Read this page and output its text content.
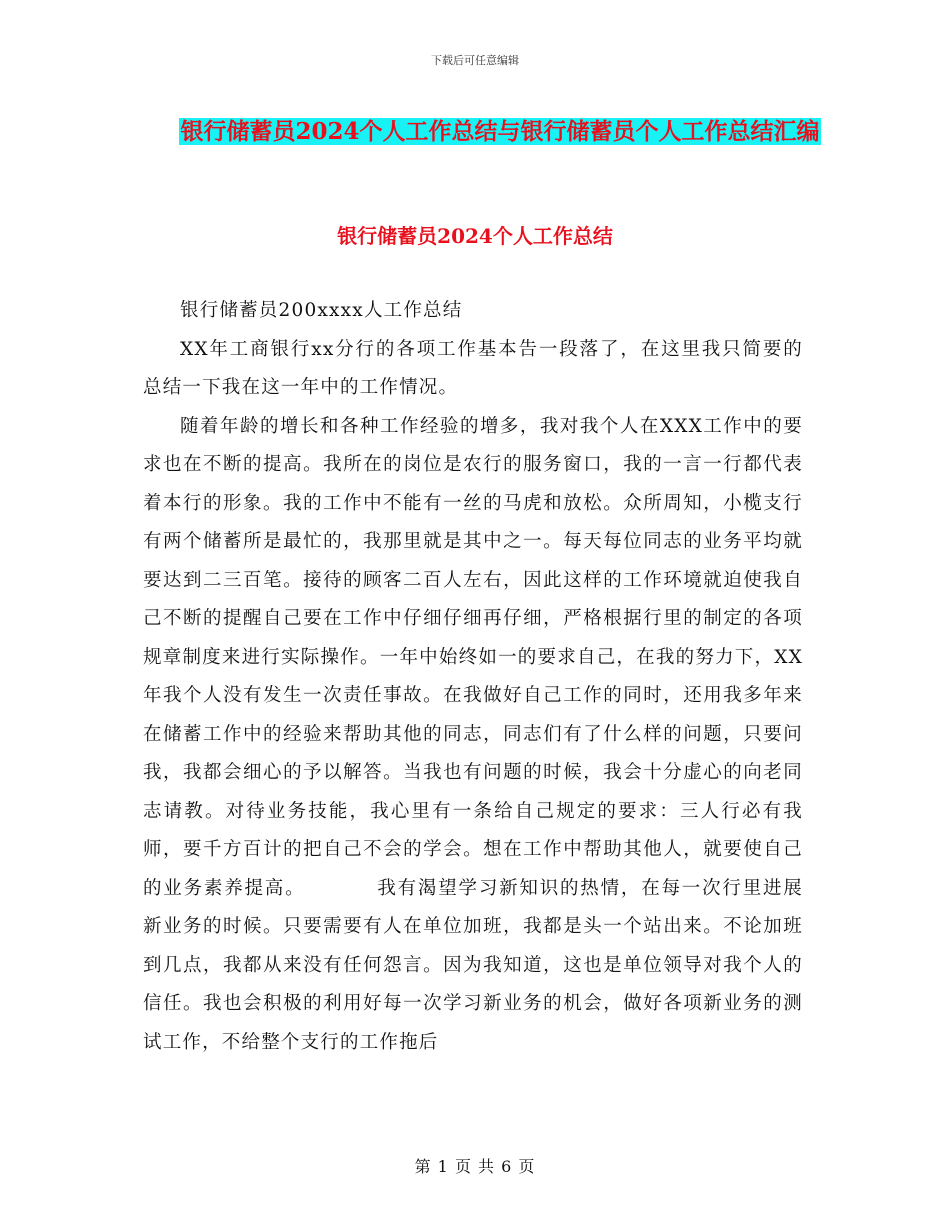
下载后可任意编辑
银行储蓄员2024个人工作总结与银行储蓄员个人工作总结汇编
银行储蓄员2024个人工作总结

银行储蓄员200xxxx人工作总结

XX年工商银行xx分行的各项工作基本告一段落了，在这里我只简要的总结一下我在这一年中的工作情况。

随着年龄的增长和各种工作经验的增多，我对我个人在XXX工作中的要求也在不断的提高。我所在的岗位是农行的服务窗口，我的一言一行都代表着本行的形象。我的工作中不能有一丝的马虎和放松。众所周知，小榄支行有两个储蓄所是最忙的，我那里就是其中之一。每天每位同志的业务平均就要达到二三百笔。接待的顾客二百人左右，因此这样的工作环境就迫使我自己不断的提醒自己要在工作中仔细仔细再仔细，严格根据行里的制定的各项规章制度来进行实际操作。一年中始终如一的要求自己，在我的努力下，XX年我个人没有发生一次责任事故。在我做好自己工作的同时，还用我多年来在储蓄工作中的经验来帮助其他的同志，同志们有了什么样的问题，只要问我，我都会细心的予以解答。当我也有问题的时候，我会十分虚心的向老同志请教。对待业务技能，我心里有一条给自己规定的要求：三人行必有我师，要千方百计的把自己不会的学会。想在工作中帮助其他人，就要使自己的业务素养提高。　　　　我有渴望学习新知识的热情，在每一次行里进展新业务的时候。只要需要有人在单位加班，我都是头一个站出来。不论加班到几点，我都从来没有任何怨言。因为我知道，这也是单位领导对我个人的信任。我也会积极的利用好每一次学习新业务的机会，做好各项新业务的测试工作，不给整个支行的工作拖后

第 1 页 共 6 页
